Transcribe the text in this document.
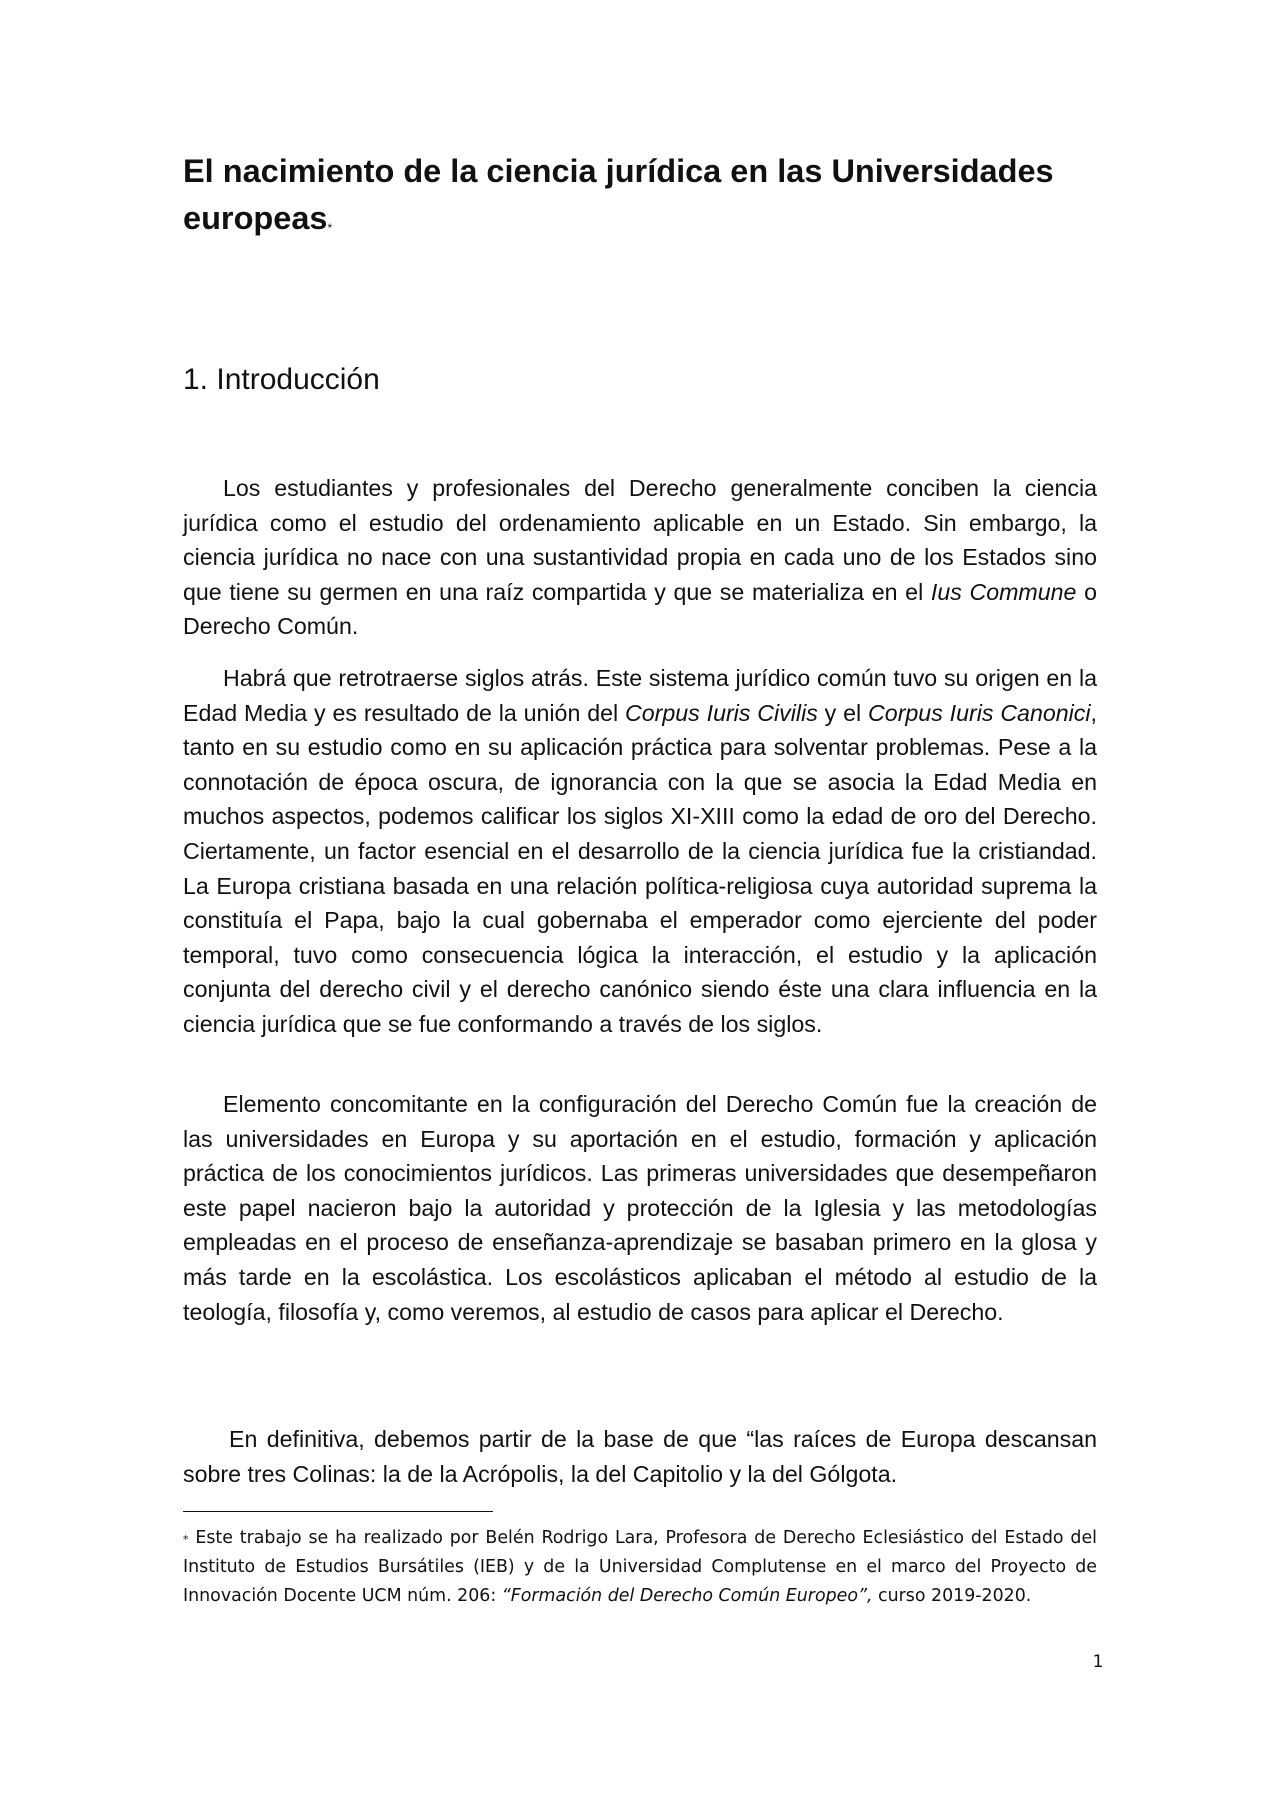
El nacimiento de la ciencia jurídica en las Universidades europeas*
1. Introducción

Los estudiantes y profesionales del Derecho generalmente conciben la ciencia jurídica como el estudio del ordenamiento aplicable en un Estado. Sin embargo, la ciencia jurídica no nace con una sustantividad propia en cada uno de los Estados sino que tiene su germen en una raíz compartida y que se materializa en el Ius Commune o Derecho Común.

Habrá que retrotraerse siglos atrás. Este sistema jurídico común tuvo su origen en la Edad Media y es resultado de la unión del Corpus Iuris Civilis y el Corpus Iuris Canonici, tanto en su estudio como en su aplicación práctica para solventar problemas. Pese a la connotación de época oscura, de ignorancia con la que se asocia la Edad Media en muchos aspectos, podemos calificar los siglos XI-XIII como la edad de oro del Derecho. Ciertamente, un factor esencial en el desarrollo de la ciencia jurídica fue la cristiandad. La Europa cristiana basada en una relación política-religiosa cuya autoridad suprema la constituía el Papa, bajo la cual gobernaba el emperador como ejerciente del poder temporal, tuvo como consecuencia lógica la interacción, el estudio y la aplicación conjunta del derecho civil y el derecho canónico siendo éste una clara influencia en la ciencia jurídica que se fue conformando a través de los siglos.

Elemento concomitante en la configuración del Derecho Común fue la creación de las universidades en Europa y su aportación en el estudio, formación y aplicación práctica de los conocimientos jurídicos. Las primeras universidades que desempeñaron este papel nacieron bajo la autoridad y protección de la Iglesia y las metodologías empleadas en el proceso de enseñanza-aprendizaje se basaban primero en la glosa y más tarde en la escolástica. Los escolásticos aplicaban el método al estudio de la teología, filosofía y, como veremos, al estudio de casos para aplicar el Derecho.

En definitiva, debemos partir de la base de que “las raíces de Europa descansan sobre tres Colinas: la de la Acrópolis, la del Capitolio y la del Gólgota.

* Este trabajo se ha realizado por Belén Rodrigo Lara, Profesora de Derecho Eclesiástico del Estado del Instituto de Estudios Bursátiles (IEB) y de la Universidad Complutense en el marco del Proyecto de Innovación Docente UCM núm. 206: “Formación del Derecho Común Europeo”, curso 2019-2020.

1
